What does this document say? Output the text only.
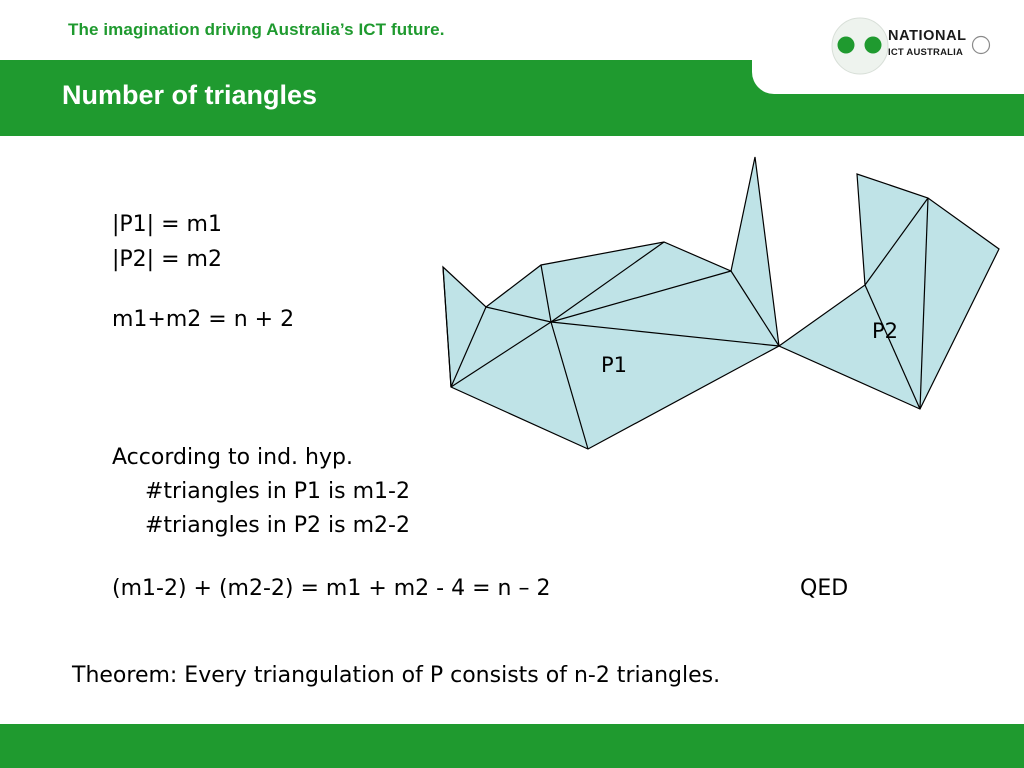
The imagination driving Australia’s ICT future.
Number of triangles
NATIONAL
ICT AUSTRALIA
|P1| = m1
|P2| = m2
m1+m2 = n + 2
According to ind. hyp.
#triangles in P1 is m1-2
#triangles in P2 is m2-2
(m1-2) + (m2-2) = m1 + m2 - 4 = n – 2	QED
Theorem: Every triangulation of P consists of n-2 triangles.
P1
P2
